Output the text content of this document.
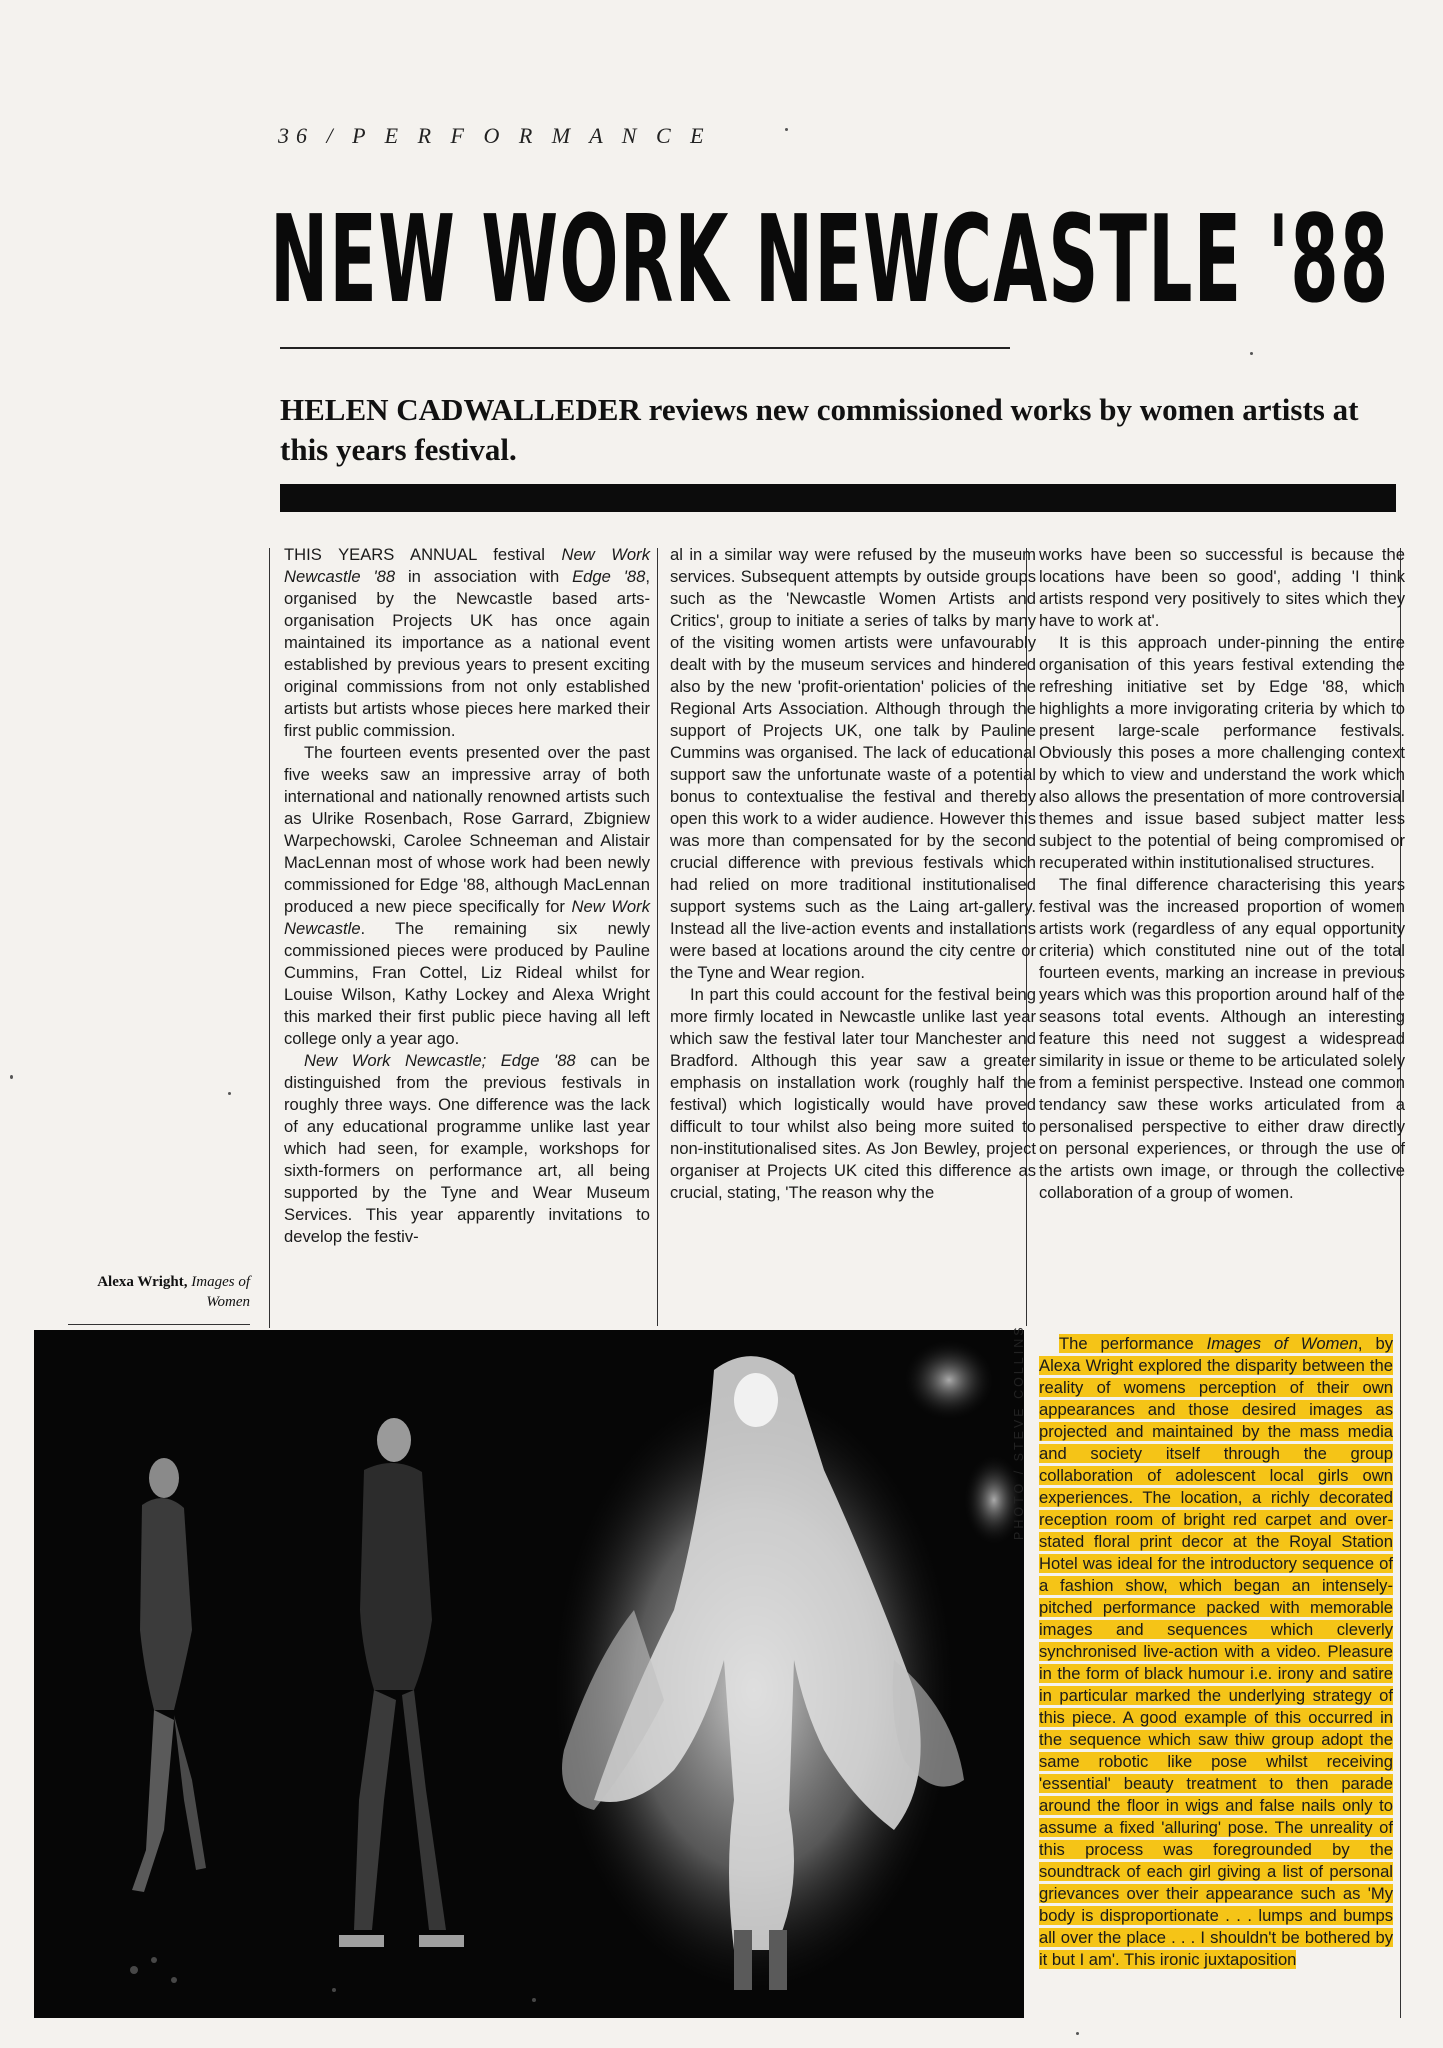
36 / P E R F O R M A N C E
NEW WORK NEWCASTLE '88
HELEN CADWALLEDER reviews new commissioned works by women artists at this years festival.

THIS YEARS ANNUAL festival New Work Newcastle '88 in association with Edge '88, organised by the Newcastle based arts-organisation Projects UK has once again maintained its importance as a national event established by previous years to present exciting original commissions from not only established artists but artists whose pieces here marked their first public commission.

The fourteen events presented over the past five weeks saw an impressive array of both international and nationally renowned artists such as Ulrike Rosenbach, Rose Garrard, Zbigniew Warpechowski, Carolee Schneeman and Alistair MacLennan most of whose work had been newly commissioned for Edge '88, although MacLennan produced a new piece specifically for New Work Newcastle. The remaining six newly commissioned pieces were produced by Pauline Cummins, Fran Cottel, Liz Rideal whilst for Louise Wilson, Kathy Lockey and Alexa Wright this marked their first public piece having all left college only a year ago.

New Work Newcastle; Edge '88 can be distinguished from the previous festivals in roughly three ways. One difference was the lack of any educational programme unlike last year which had seen, for example, workshops for sixth-formers on performance art, all being supported by the Tyne and Wear Museum Services. This year apparently invitations to develop the festiv-

al in a similar way were refused by the museum services. Subsequent attempts by outside groups such as the 'Newcastle Women Artists and Critics', group to initiate a series of talks by many of the visiting women artists were unfavourably dealt with by the museum services and hindered also by the new 'profit-orientation' policies of the Regional Arts Association. Although through the support of Projects UK, one talk by Pauline Cummins was organised. The lack of educational support saw the unfortunate waste of a potential bonus to contextualise the festival and thereby open this work to a wider audience. However this was more than compensated for by the second crucial difference with previous festivals which had relied on more traditional institutionalised support systems such as the Laing art-gallery. Instead all the live-action events and installations were based at locations around the city centre or the Tyne and Wear region.

In part this could account for the festival being more firmly located in Newcastle unlike last year which saw the festival later tour Manchester and Bradford. Although this year saw a greater emphasis on installation work (roughly half the festival) which logistically would have proved difficult to tour whilst also being more suited to non-institutionalised sites. As Jon Bewley, project organiser at Projects UK cited this difference as crucial, stating, 'The reason why the

works have been so successful is because the locations have been so good', adding 'I think artists respond very positively to sites which they have to work at'.

It is this approach under-pinning the entire organisation of this years festival extending the refreshing initiative set by Edge '88, which highlights a more invigorating criteria by which to present large-scale performance festivals. Obviously this poses a more challenging context by which to view and understand the work which also allows the presentation of more controversial themes and issue based subject matter less subject to the potential of being compromised or recuperated within institutionalised structures.

The final difference characterising this years festival was the increased proportion of women artists work (regardless of any equal opportunity criteria) which constituted nine out of the total fourteen events, marking an increase in previous years which was this proportion around half of the seasons total events. Although an interesting feature this need not suggest a widespread similarity in issue or theme to be articulated solely from a feminist perspective. Instead one common tendancy saw these works articulated from a personalised perspective to either draw directly on personal experiences, or through the use of the artists own image, or through the collective collaboration of a group of women.

Alexa Wright, Images of Women
PHOTO / STEVE COLLINS	The performance Images of Women, by Alexa Wright explored the disparity between the reality of womens perception of their own appearances and those desired images as projected and maintained by the mass media and society itself through the group collaboration of adolescent local girls own experiences. The location, a richly decorated reception room of bright red carpet and over-stated floral print decor at the Royal Station Hotel was ideal for the introductory sequence of a fashion show, which began an intensely-pitched performance packed with memorable images and sequences which cleverly synchronised live-action with a video. Pleasure in the form of black humour i.e. irony and satire in particular marked the underlying strategy of this piece. A good example of this occurred in the sequence which saw thiw group adopt the same robotic like pose whilst receiving 'essential' beauty treatment to then parade around the floor in wigs and false nails only to assume a fixed 'alluring' pose. The unreality of this process was foregrounded by the soundtrack of each girl giving a list of personal grievances over their appearance such as 'My body is disproportionate . . . lumps and bumps all over the place . . . I shouldn't be bothered by it but I am'. This ironic juxtaposition
